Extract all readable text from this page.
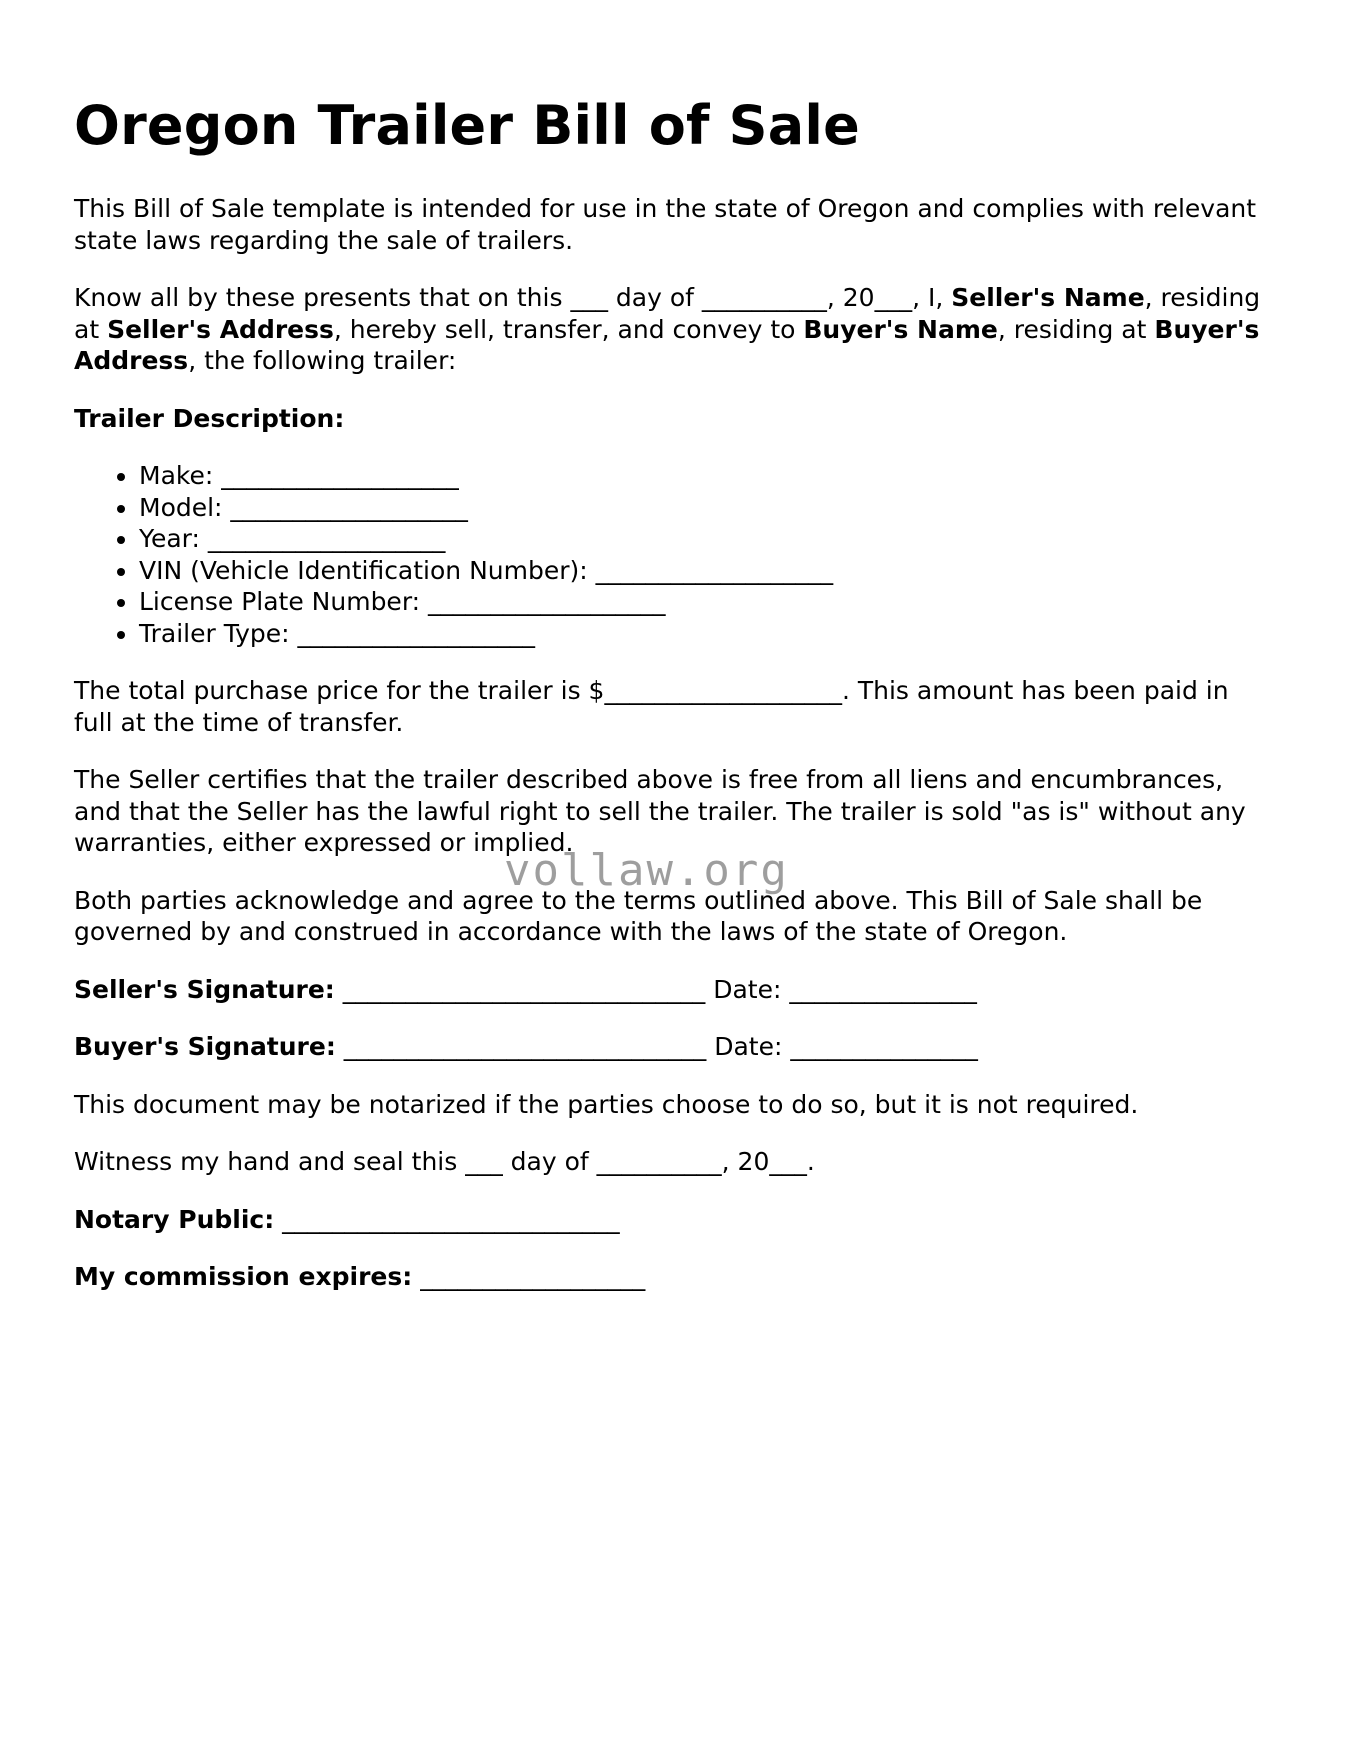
Oregon Trailer Bill of Sale

This Bill of Sale template is intended for use in the state of Oregon and complies with relevant state laws regarding the sale of trailers.

Know all by these presents that on this ___ day of __________, 20___, I, Seller's Name, residing at Seller's Address, hereby sell, transfer, and convey to Buyer's Name, residing at Buyer's Address, the following trailer:

Trailer Description:

• Make: ___________________
• Model: ___________________
• Year: ___________________
• VIN (Vehicle Identification Number): ___________________
• License Plate Number: ___________________
• Trailer Type: ___________________

The total purchase price for the trailer is $___________________. This amount has been paid in full at the time of transfer.

The Seller certifies that the trailer described above is free from all liens and encumbrances, and that the Seller has the lawful right to sell the trailer. The trailer is sold "as is" without any warranties, either expressed or implied.

Both parties acknowledge and agree to the terms outlined above. This Bill of Sale shall be governed by and construed in accordance with the laws of the state of Oregon.

Seller's Signature: _____________________________ Date: _______________

Buyer's Signature: _____________________________ Date: _______________

This document may be notarized if the parties choose to do so, but it is not required.

Witness my hand and seal this ___ day of __________, 20___.

Notary Public: ___________________________

My commission expires: __________________

vollaw.org
